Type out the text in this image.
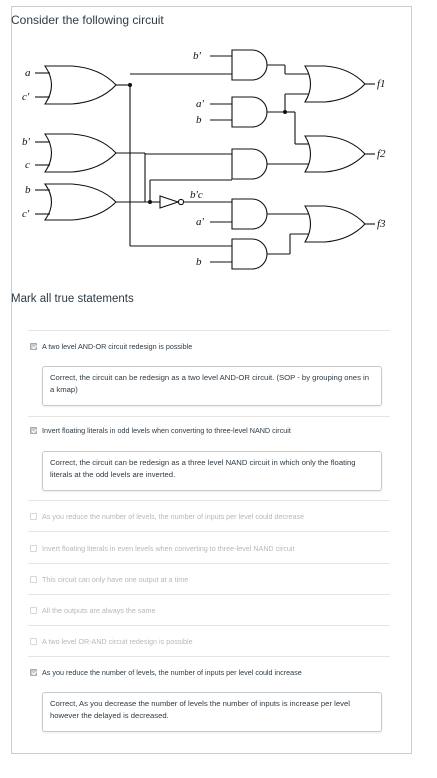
Consider the following circuit
a
c'
b'
c
b
c'
b'
a'
b
b'c
a'
b
f1
f2
f3
Mark all true statements
A two level AND-OR circuit redesign is possible
Correct, the circuit can be redesign as a two level AND-OR circuit. (SOP - by grouping ones in a kmap)
Invert floating literals in odd levels when converting to three-level NAND circuit
Correct, the circuit can be redesign as a three level NAND circuit in which only the floating literals at the odd levels are inverted.
As you reduce the number of levels, the number of inputs per level could decrease
Invert floating literals in even levels when converting to three-level NAND circuit
This circuit can only have one output at a time
All the outputs are always the same
A two level OR-AND circuit redesign is possible
As you reduce the number of levels, the number of inputs per level could increase
Correct, As you decrease the number of levels the number of inputs is increase per level however the delayed is decreased.
